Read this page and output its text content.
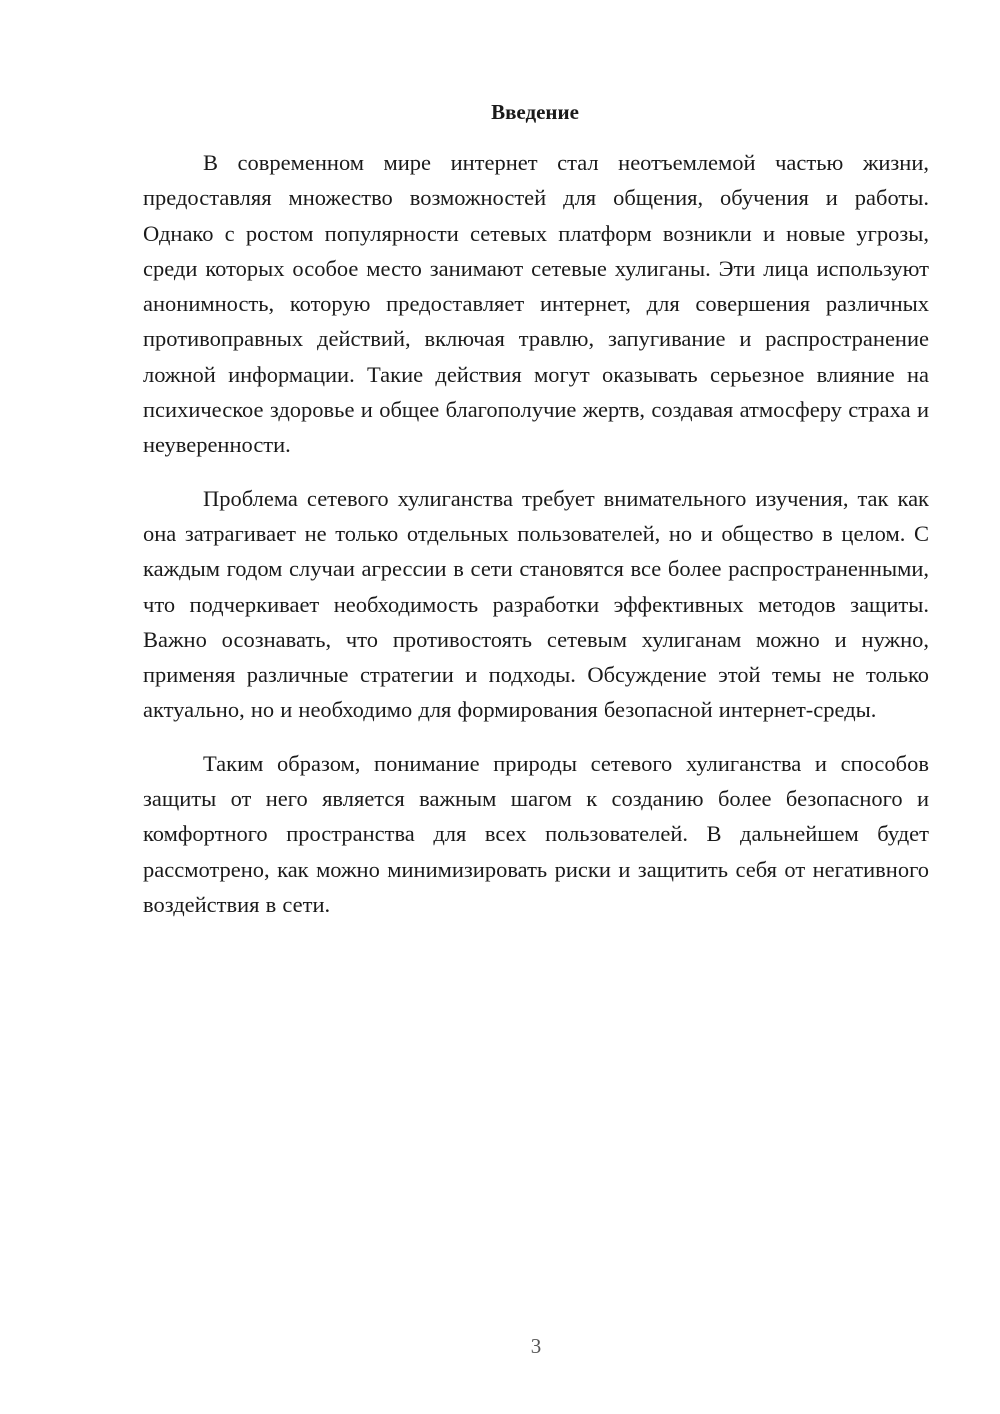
Введение

В современном мире интернет стал неотъемлемой частью жизни, предоставляя множество возможностей для общения, обучения и работы. Однако с ростом популярности сетевых платформ возникли и новые угрозы, среди которых особое место занимают сетевые хулиганы. Эти лица используют анонимность, которую предоставляет интернет, для совершения различных противоправных действий, включая травлю, запугивание и распространение ложной информации. Такие действия могут оказывать серьезное влияние на психическое здоровье и общее благополучие жертв, создавая атмосферу страха и неуверенности.

Проблема сетевого хулиганства требует внимательного изучения, так как она затрагивает не только отдельных пользователей, но и общество в целом. С каждым годом случаи агрессии в сети становятся все более распространенными, что подчеркивает необходимость разработки эффективных методов защиты. Важно осознавать, что противостоять сетевым хулиганам можно и нужно, применяя различные стратегии и подходы. Обсуждение этой темы не только актуально, но и необходимо для формирования безопасной интернет-среды.

Таким образом, понимание природы сетевого хулиганства и способов защиты от него является важным шагом к созданию более безопасного и комфортного пространства для всех пользователей. В дальнейшем будет рассмотрено, как можно минимизировать риски и защитить себя от негативного воздействия в сети.

3
